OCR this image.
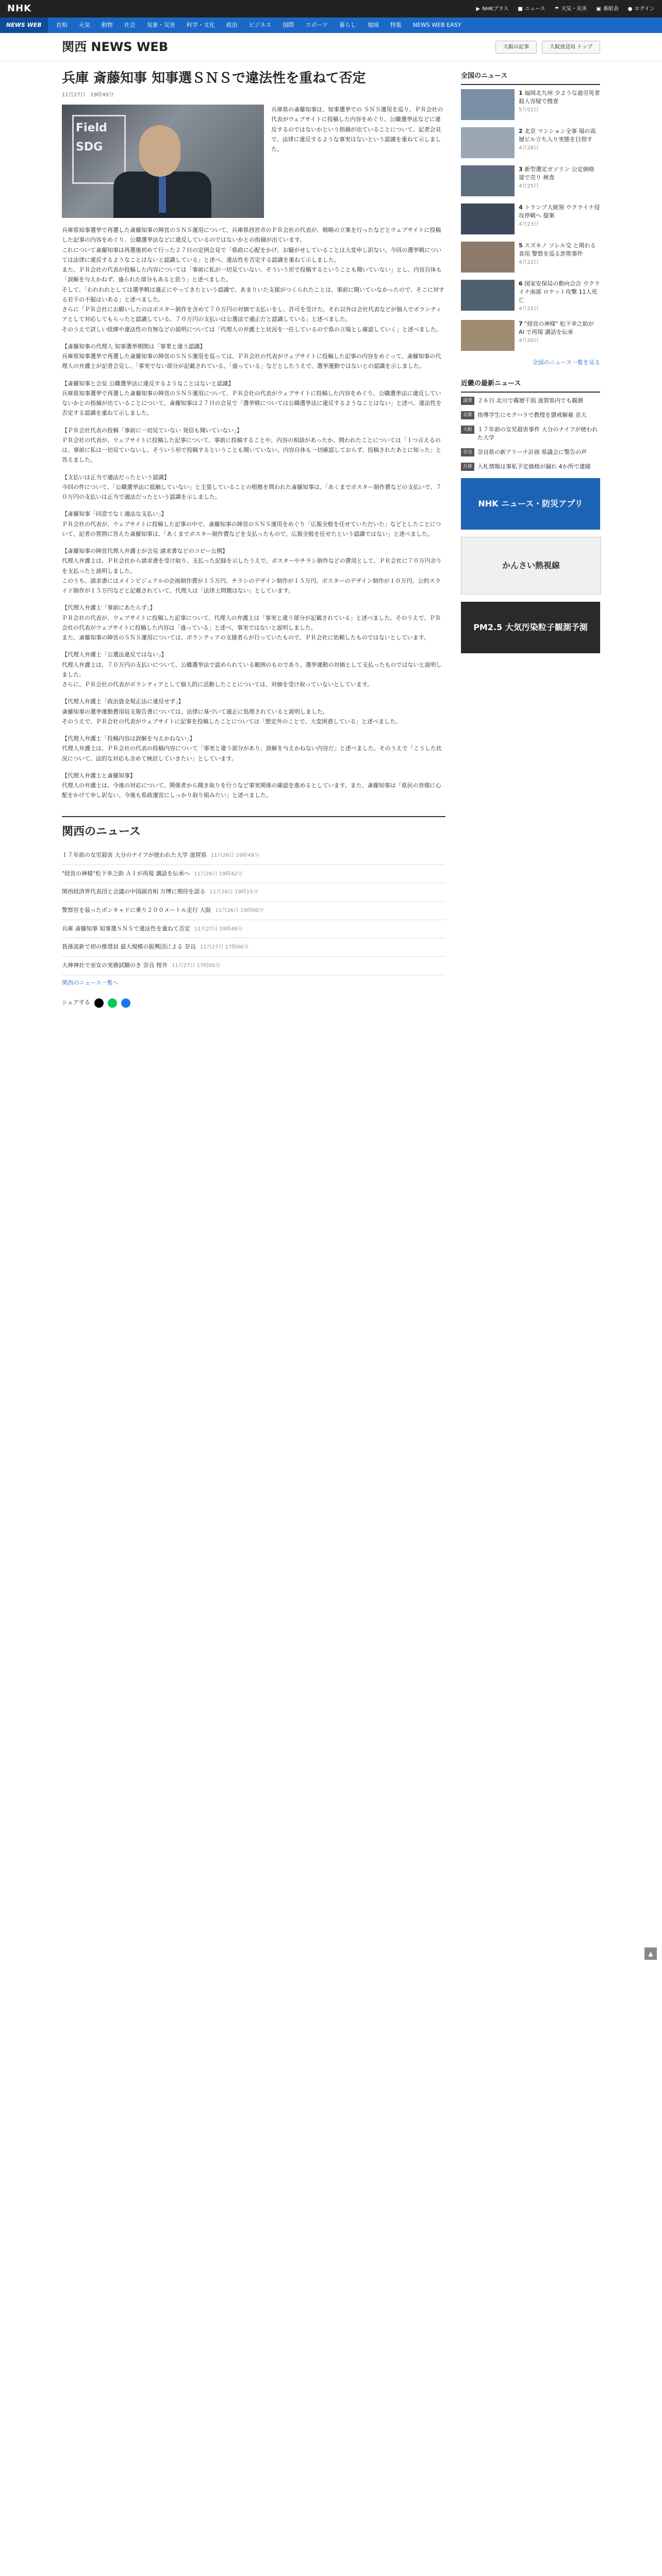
NHK	▶ NHKプラス ■ ニュース ☂ 天気・災害 ▣ 番組表 ● ログイン
NEWS WEB	首相 天気 動物 社会 気象・災害 科学・文化 政治 ビジネス 国際 スポーツ 暮らし 地域 特集 NEWS WEB EASY
関西 NEWS WEB	大阪の記事	大阪放送局 トップ
兵庫 斎藤知事 知事選ＳＮＳで違法性を重ねて否定
11月27日　19時49分
Field SDG

兵庫県の斎藤知事は、知事選挙での ＳＮＳ運用を巡り、ＰＲ会社の代表がウェブサイトに投稿した内容をめぐり、公職選挙法などに違反するのではないかという指摘が出ていることについて、記者会見で、法律に違反するような事実はないという認識を重ねて示しました。

兵庫県知事選挙で再選した斎藤知事の陣営のＳＮＳ運用について、兵庫県西宮市のＰＲ会社の代表が、戦略の立案を行ったなどとウェブサイトに投稿した記事の内容をめぐり、公職選挙法などに違反しているのではないかとの指摘が出ています。
これについて斎藤知事は再選後初めて行った２７日の定例会見で「県政に心配をかけ、お騒がせしていることは大変申し訳ない。今回の選挙戦については法律に違反するようなことはないと認識している」と述べ、違法性を否定する認識を重ねて示しました。
また、ＰＲ会社の代表が投稿した内容については「事前に私が一切見ていない。そういう形で投稿するということも聞いていない」とし、内容自体も「誤解を与えかねず、盛られた部分もあると思う」と述べました。
そして、「われわれとしては選挙戦は適正にやってきたという認識で、あまりいた支援がつくられたことは、事前に聞いていなかったので、そこに対する若干の不服はいある」と述べました。
さらに「ＰＲ会社にお願いしたのはポスター制作を含めて７０万円の対価で支払いをし、許可を受けた。それ以外は会社代表などが個人でボランティアとして対応してもらったと認識している。７０万円の支払いは公選法で適正だと認識している」と述べました。
そのうえで詳しい経緯や違法性の有無などの説明については「代理人の弁護士と状況を一任しているので県の立場とし確認していく」と述べました。

【斎藤知事の代理人 知事選挙期間は「事業と違う認識】
兵庫県知事選挙で再選した斎藤知事の陣営のＳＮＳ運用を巡っては、ＰＲ会社の代表がウェブサイトに投稿した記事の内容をめぐって、斎藤知事の代理人の弁護士が記者会見し、「事実でない部分が記載されている。「盛っている」などとしたうえで、選挙運動ではないとの認識を示しました。

【斎藤知事と会見 公職選挙法に違反するようなことはないと認識】
兵庫県知事選挙で再選した斎藤知事の陣営のＳＮＳ運用について、ＰＲ会社の代表がウェブサイトに投稿した内容をめぐり、公職選挙法に違反していないかとの指摘が出ていることについて、斎藤知事は２７日の会見で「選挙戦については公職選挙法に違反するようなことはない」と述べ、違法性を否定する認識を重ねて示しました。

【ＰＲ会社代表の投稿「事前に一切見ていない 発信も聞いていない」】
ＰＲ会社の代表が、ウェブサイトに投稿した記事について、事前に投稿することや、内容の相談があったか、問われたことについては「１つ言えるのは、事前に私は一切見ていないし、そういう形で投稿するということも聞いていない。内容自体も一切確認しておらず、投稿されたあとに知った」と答えました。

【支払いは正当で適法だったという認識】
今回の件について、「公職選挙法に抵触していない」と主張していることの根拠を問われた斎藤知事は、「あくまでポスター制作費などの支払いで、７０万円の支払いは正当で適法だったという認識を示しました。

【斎藤知事「同意でなく適法な支払い」】
ＰＲ会社の代表が、ウェブサイトに投稿した記事の中で、斎藤知事の陣営のＳＮＳ運用をめぐり「広報全般を任せていただいた」などとしたことについて、記者の質問に答えた斎藤知事は、「あくまでポスター制作費などを支払ったもので、広報全般を任せたという認識ではない」と述べました。

【斎藤知事の陣営代理人弁護士が会見 請求書などのコピー公開】
代理人弁護士は、ＰＲ会社から請求書を受け取り、支払った記録を示したうえで、ポスターやチラシ制作などの費用として、ＰＲ会社に７０万円余りを支払ったと説明しました。
このうち、請求書にはメインビジュアルの企画制作費が１５万円、チラシのデザイン制作が１５万円、ポスターのデザイン制作が１０万円、公約スライド制作が１５万円などと記載されていて、代理人は「法律上問題はない」としています。

【代理人弁護士「事前にあたらず」】
ＰＲ会社の代表が、ウェブサイトに投稿した記事について、代理人の弁護士は「事実と違う部分が記載されている」と述べました。そのうえで、ＰＲ会社の代表がウェブサイトに投稿した内容は「盛っている」と述べ、事実ではないと説明しました。
また、斎藤知事の陣営のＳＮＳ運用については、ボランティアの支援者らが行っていたもので、ＰＲ会社に依頼したものではないとしています。

【代理人弁護士「公選法違反ではない」】
代理人弁護士は、７０万円の支払いについて、公職選挙法で認められている範囲のものであり、選挙運動の対価として支払ったものではないと説明しました。
さらに、ＰＲ会社の代表がボランティアとして個人的に活動したことについては、対価を受け取っていないとしています。

【代理人弁護士「政治資金規正法に違反せず」】
斎藤知事の選挙運動費用収支報告書については、法律に基づいて適正に処理されていると説明しました。
そのうえで、ＰＲ会社の代表がウェブサイトに記事を投稿したことについては「想定外のことで、大変困惑している」と述べました。

【代理人弁護士「投稿内容は誤解を与えかねない」】
代理人弁護士は、ＰＲ会社の代表の投稿内容について「事実と違う部分があり、誤解を与えかねない内容だ」と述べました。そのうえで「こうした状況について、法的な対応も含めて検討していきたい」としています。

【代理人弁護士と斎藤知事】
代理人の弁護士は、今後の対応について、関係者から聞き取りを行うなど事実関係の確認を進めるとしています。また、斎藤知事は「県民の皆様に心配をかけて申し訳ない。今後も県政運営にしっかり取り組みたい」と述べました。

関西のニュース
１７年前の女児殺害 大分のナイフが使われた大学 滋賀県 11月26日 19時49分
"経営の神様"松下幸之助 ＡＩが再現 講話を伝承へ 11月26日 19時42分
関西経済界代表団と会議の中国副首相 万博に期待を語る 11月26日 19時15分
警察官を装ったポンキャドに乗り２００メートル走行 大阪 11月26日 19時00分
兵庫 斎藤知事 知事選ＳＮＳで違法性を重ねて否定 11月27日 19時49分
我孫流新で初の推奨員 最大規模の振興団による 奈良 11月27日 17時00分
大神神社で巫女の実務試験のき 奈良 桜井 11月27日 17時00分
関西のニュース一覧へ
シェアする
全国のニュース
1 福岡北九州 少ような過労死者 殺人容疑で捜査
5月01日
2 北京 マンション全事 場の高層ビル立ち入り実態を目指す
4月28日
3 新型選定ガソリン 公定価格 道で売り 検査
4月25日
4 トランプ大統領 ウクライナ侵攻停戦へ 提案
4月23日
5 スズキノ ソレル交 と関わる食用 警察を巡る詐欺事件
4月22日
6 国家安保局の動向会合 ウクライナ南部 ロケット攻撃 11人死亡
4月21日
7 "経営の神様" 松下幸之助が AI で再現 講話を伝承
4月20日
全国のニュース一覧を見る
近畿の最新ニュース
滋賀 ２６日 北川で霧層干潟 滋賀県内でも観測
京都 指導学生にセクハラで教授を懲戒解雇 京大
大阪 １７年前の女児殺害事件 大分のナイフが使われた大学
奈良 奈良県の新アリーナ計画 県議会に警告の声
兵庫 入札情報は事私予定価格が漏れ 4か所で逮捕
NHK ニュース・防災アプリ
かんさい熱視線
PM2.5 大気汚染粒子観測予測
▲
